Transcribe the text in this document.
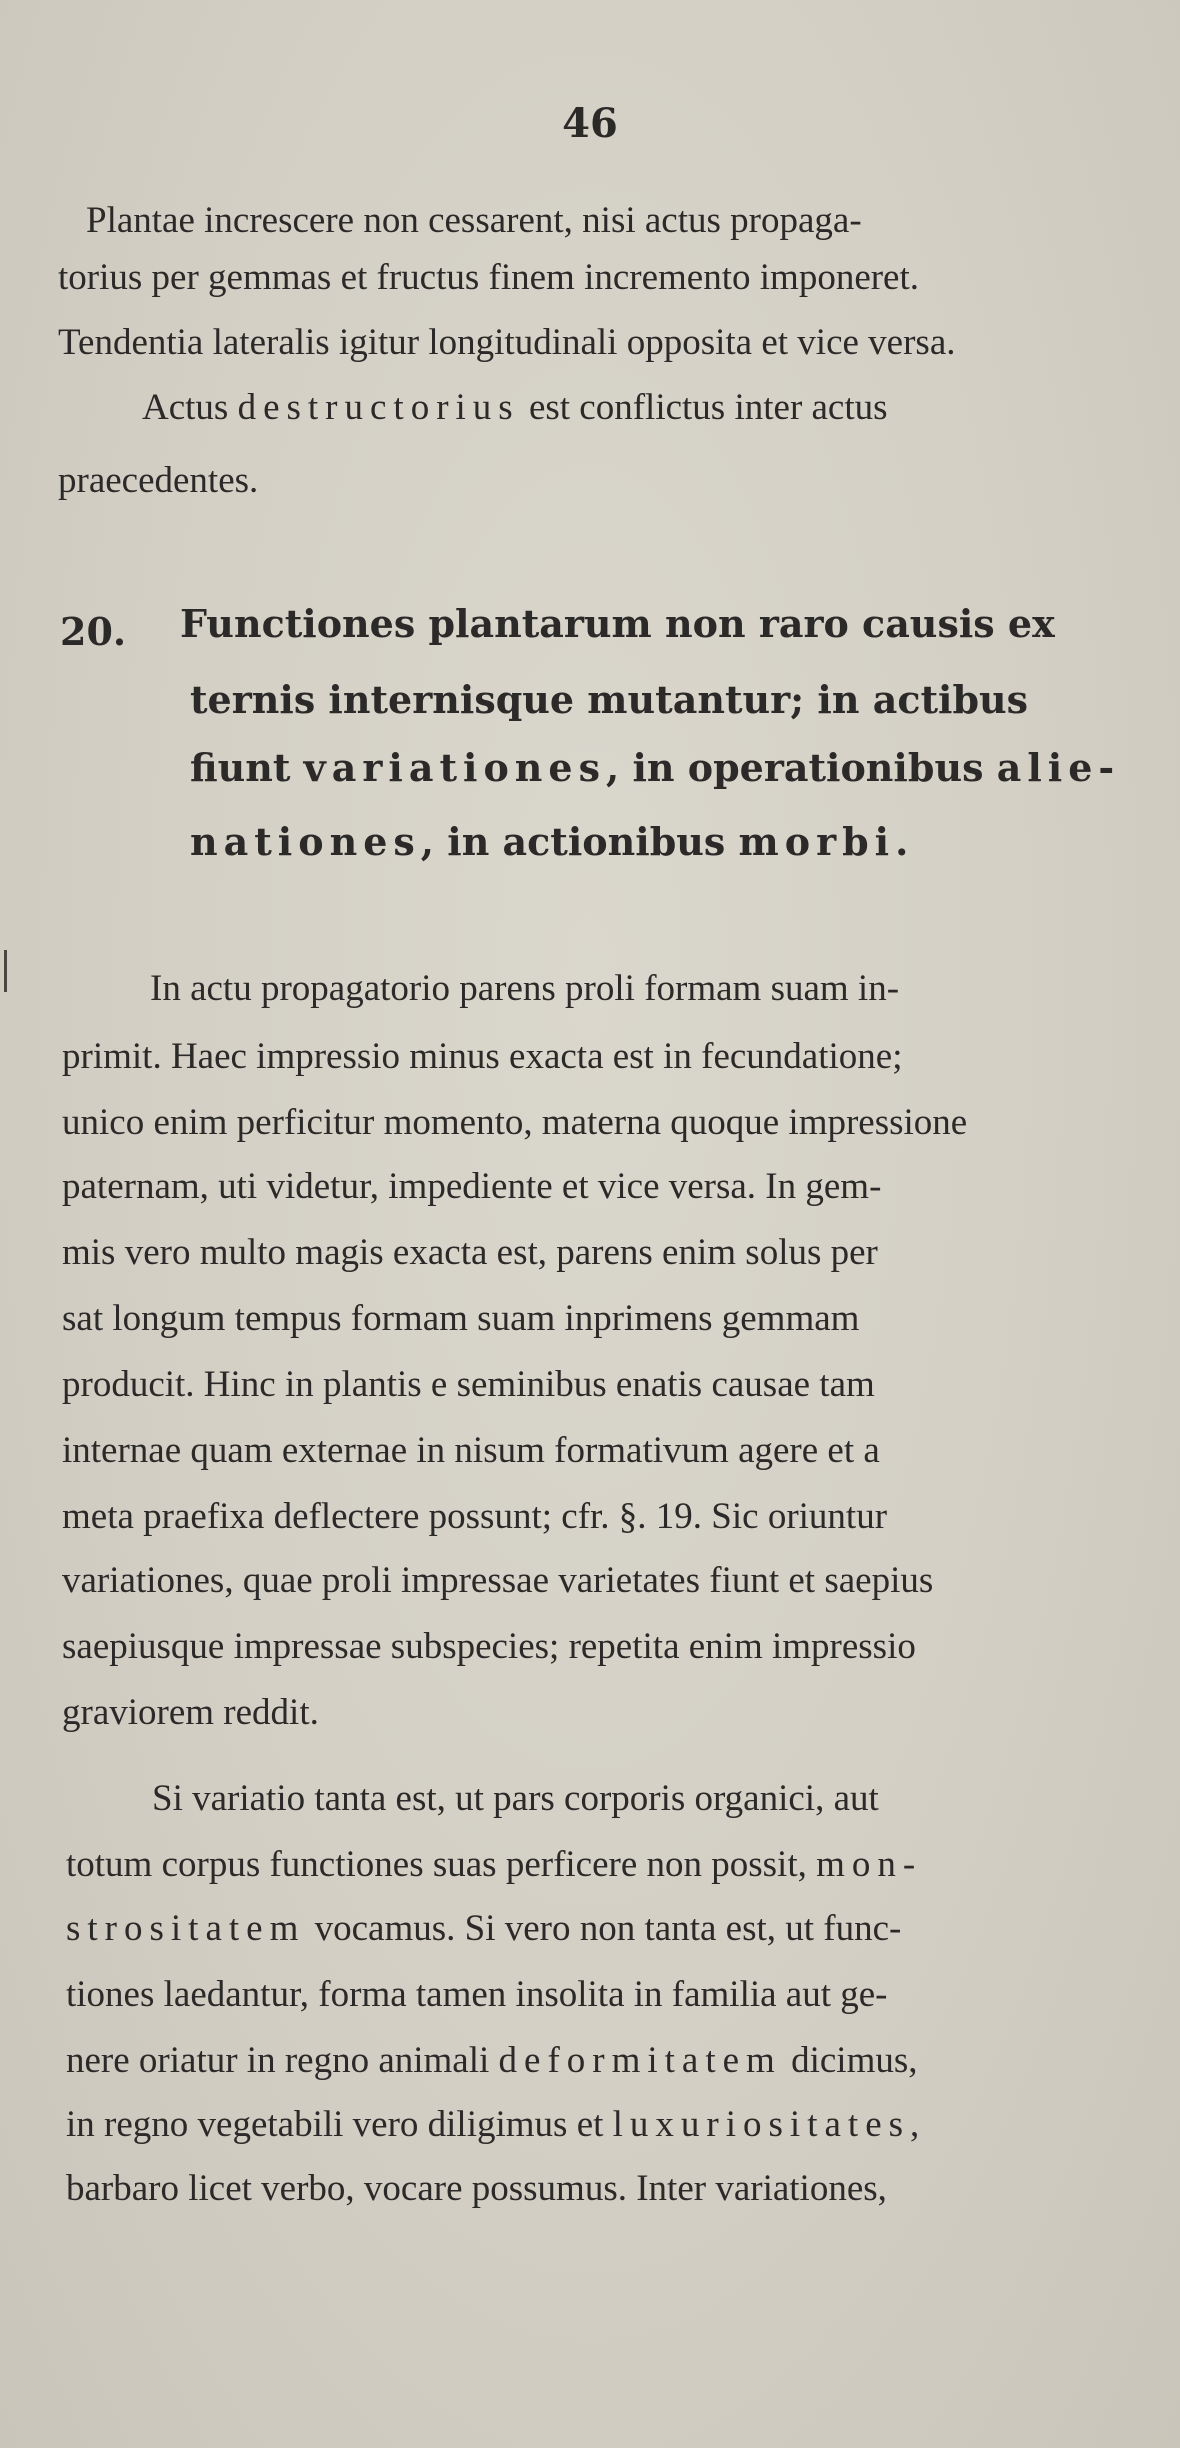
46
Plantae increscere non cessarent, nisi actus propaga-
torius per gemmas et fructus finem incremento imponeret.
Tendentia lateralis igitur longitudinali opposita et vice versa.
Actus destructorius est conflictus inter actus
praecedentes.
20. Functiones plantarum non raro causis ex
ternis internisque mutantur; in actibus
fiunt variationes, in operationibus alie-
nationes, in actionibus morbi.
In actu propagatorio parens proli formam suam in-
primit. Haec impressio minus exacta est in fecundatione;
unico enim perficitur momento, materna quoque impressione
paternam, uti videtur, impediente et vice versa. In gem-
mis vero multo magis exacta est, parens enim solus per
sat longum tempus formam suam inprimens gemmam
producit. Hinc in plantis e seminibus enatis causae tam
internae quam externae in nisum formativum agere et a
meta praefixa deflectere possunt; cfr. §. 19. Sic oriuntur
variationes, quae proli impressae varietates fiunt et saepius
saepiusque impressae subspecies; repetita enim impressio
graviorem reddit.
Si variatio tanta est, ut pars corporis organici, aut
totum corpus functiones suas perficere non possit, mon-
strositatem vocamus. Si vero non tanta est, ut func-
tiones laedantur, forma tamen insolita in familia aut ge-
nere oriatur in regno animali deformitatem dicimus,
in regno vegetabili vero diligimus et luxuriositates,
barbaro licet verbo, vocare possumus. Inter variationes,
